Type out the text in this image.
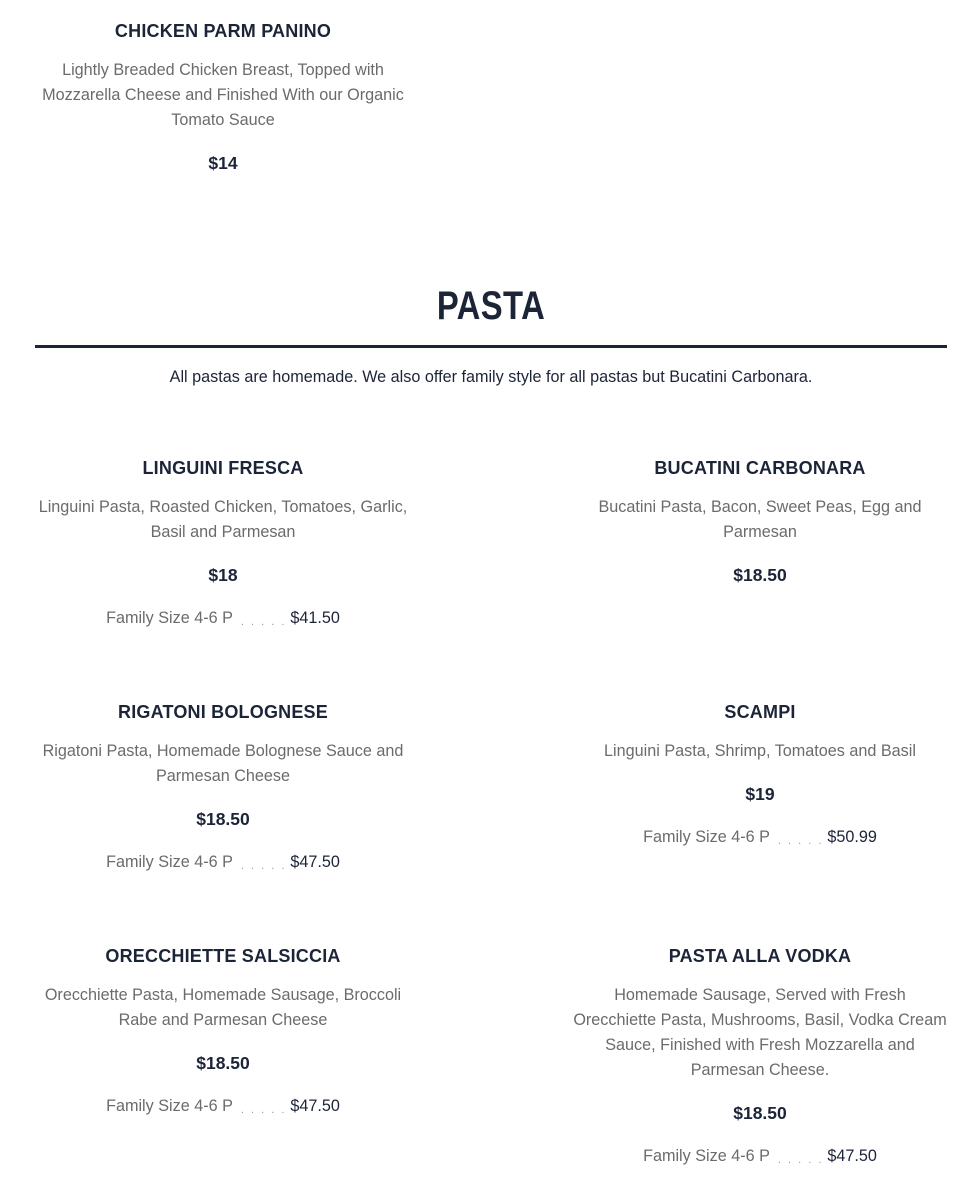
CHICKEN PARM PANINO

Lightly Breaded Chicken Breast, Topped with Mozzarella Cheese and Finished With our Organic Tomato Sauce

$14

PASTA

All pastas are homemade. We also offer family style for all pastas but Bucatini Carbonara.

LINGUINI FRESCA

Linguini Pasta, Roasted Chicken, Tomatoes, Garlic, Basil and Parmesan

$18

Family Size 4-6 P . . . . . $41.50
BUCATINI CARBONARA

Bucatini Pasta, Bacon, Sweet Peas, Egg and Parmesan

$18.50

RIGATONI BOLOGNESE

Rigatoni Pasta, Homemade Bolognese Sauce and Parmesan Cheese

$18.50

Family Size 4-6 P . . . . . $47.50
SCAMPI

Linguini Pasta, Shrimp, Tomatoes and Basil

$19

Family Size 4-6 P . . . . . $50.99
ORECCHIETTE SALSICCIA

Orecchiette Pasta, Homemade Sausage, Broccoli Rabe and Parmesan Cheese

$18.50

Family Size 4-6 P . . . . . $47.50
PASTA ALLA VODKA

Homemade Sausage, Served with Fresh Orecchiette Pasta, Mushrooms, Basil, Vodka Cream Sauce, Finished with Fresh Mozzarella and Parmesan Cheese.

$18.50

Family Size 4-6 P . . . . . $47.50
